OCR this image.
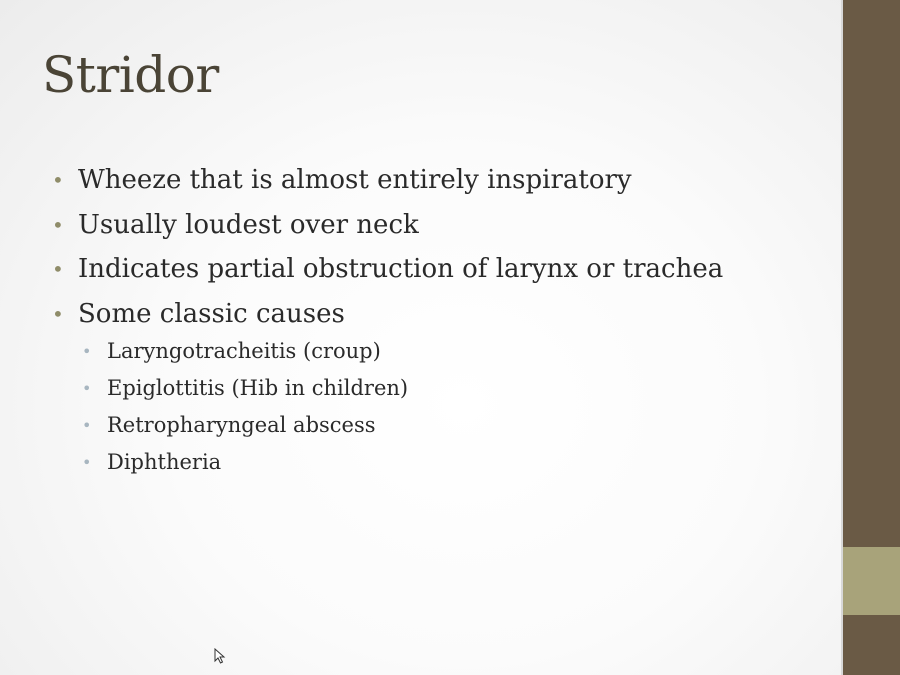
Stridor
• Wheeze that is almost entirely inspiratory
• Usually loudest over neck
• Indicates partial obstruction of larynx or trachea
• Some classic causes
• Laryngotracheitis (croup)
• Epiglottitis (Hib in children)
• Retropharyngeal abscess
• Diphtheria
